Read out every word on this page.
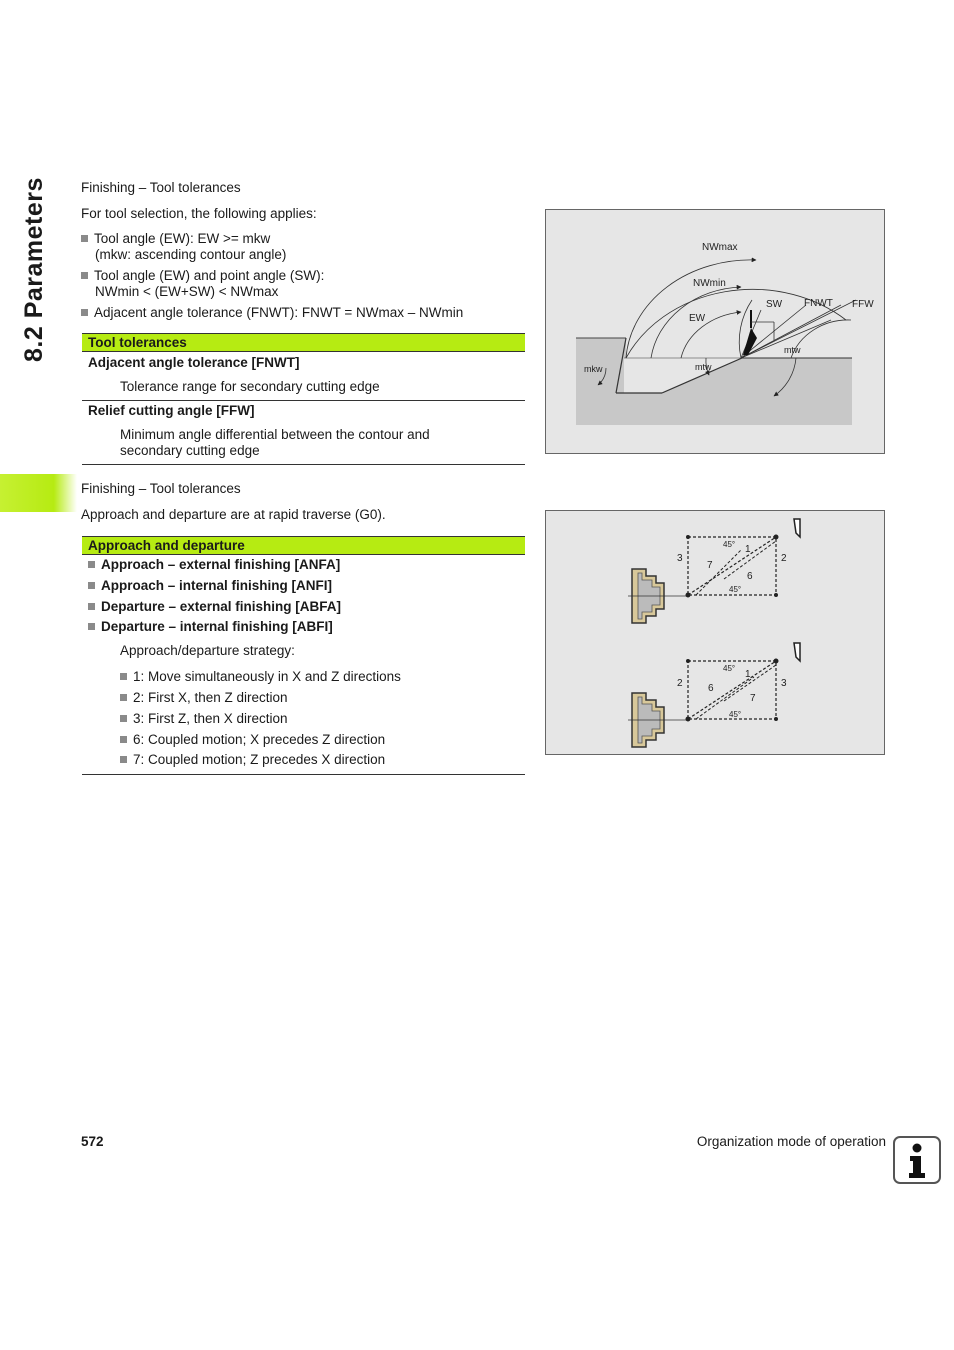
8.2 Parameters Finishing – Tool tolerances
For tool selection, the following applies:
Tool angle (EW): EW >= mkw
(mkw: ascending contour angle)
Tool angle (EW) and point angle (SW):
NWmin < (EW+SW) < NWmax
Adjacent angle tolerance (FNWT): FNWT = NWmax – NWmin
Tool tolerances
Adjacent angle tolerance [FNWT]
Tolerance range for secondary cutting edge
Relief cutting angle [FFW]
Minimum angle differential between the contour and
secondary cutting edge
NWmax
NWmin
SW FNWT FFW
EW
mkw	mtw
mtw
Finishing – Tool tolerances
Approach and departure are at rapid traverse (G0).
Approach and departure
Approach – external finishing [ANFA]
Approach – internal finishing [ANFI]
Departure – external finishing [ABFA]
Departure – internal finishing [ABFI]
Approach/departure strategy:
1: Move simultaneously in X and Z directions
2: First X, then Z direction
3: First Z, then X direction
6: Coupled motion; X precedes Z direction
7: Coupled motion; Z precedes X direction
3	2
7
1
6
45°
45°
2	3
6
1
7
45°
45°
572	Organization mode of operation
